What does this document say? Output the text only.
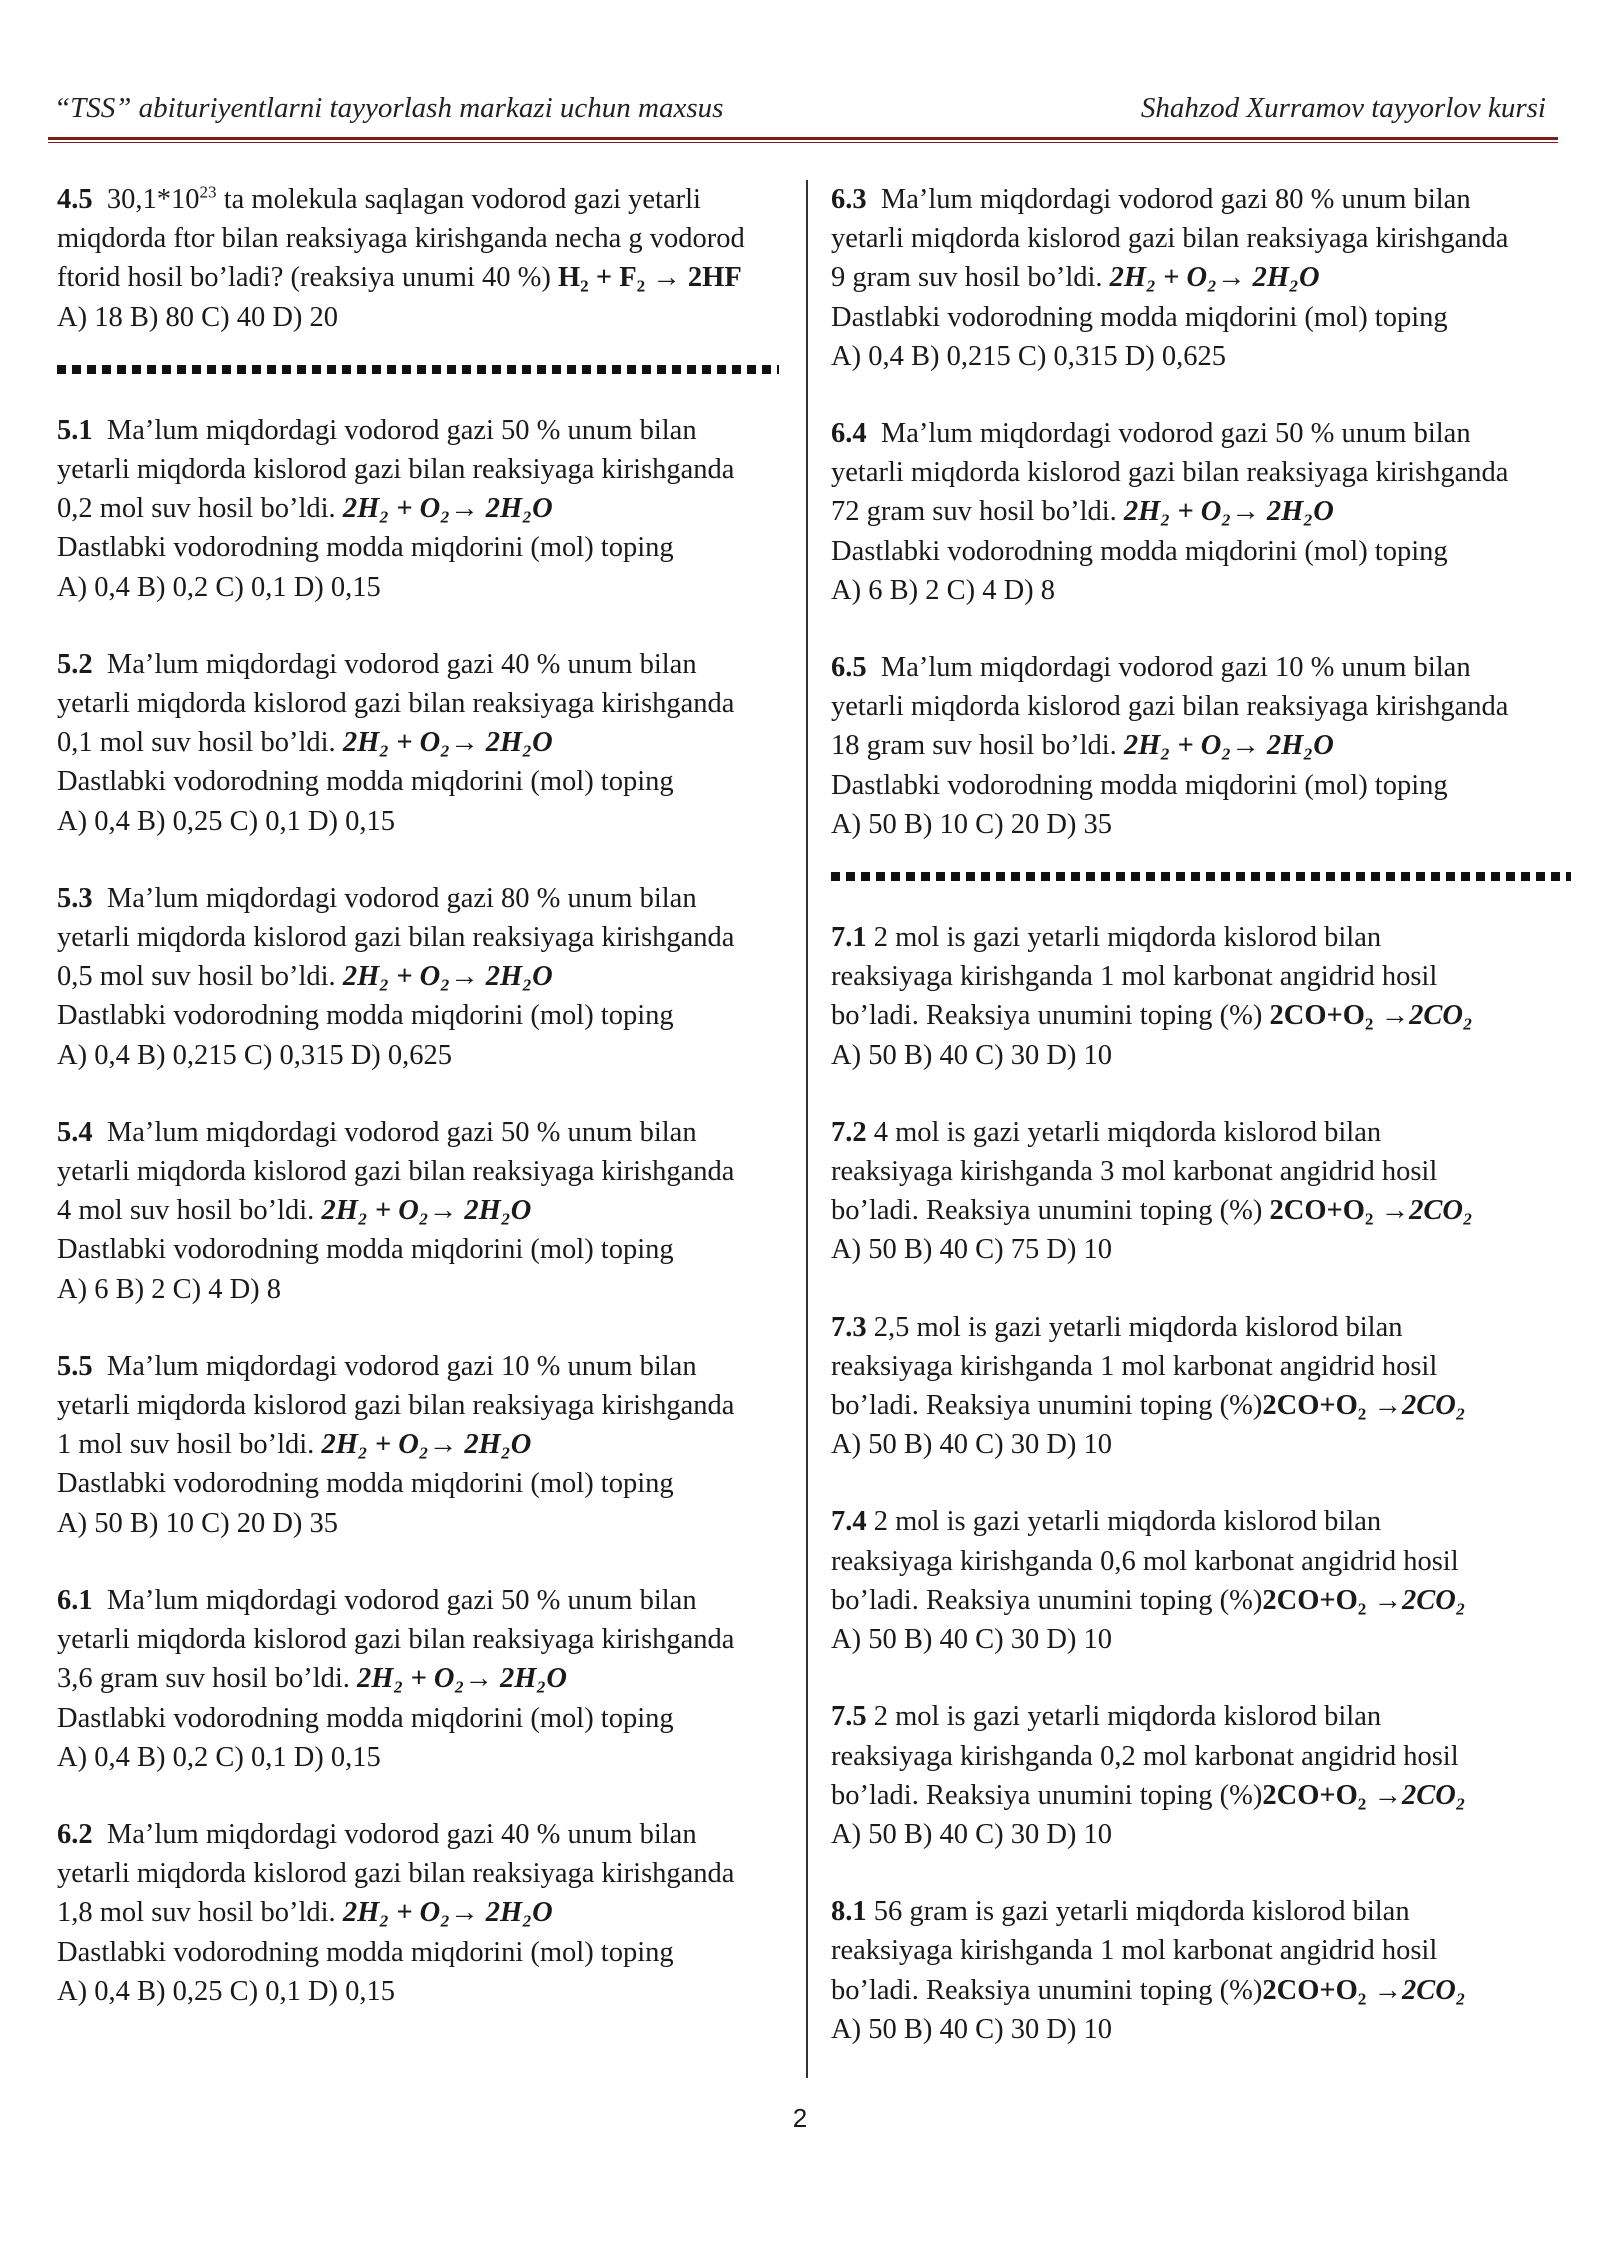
“TSS” abituriyentlarni tayyorlash markazi uchun maxsus	Shahzod Xurramov tayyorlov kursi
4.5 $30,1*10^{23}$ ta molekula saqlagan vodorod gazi yetarli
miqdorda ftor bilan reaksiyaga kirishganda necha g vodorod
ftorid hosil bo’ladi? (reaksiya unumi 40 %) H₂ + F₂ → 2HF
A) 18 B) 80 C) 40 D) 20
5.1 Ma’lum miqdordagi vodorod gazi 50 % unum bilan
yetarli miqdorda kislorod gazi bilan reaksiyaga kirishganda
0,2 mol suv hosil bo’ldi. 2H₂ + O₂→ 2H₂O
Dastlabki vodorodning modda miqdorini (mol) toping
A) 0,4 B) 0,2 C) 0,1 D) 0,15
5.2 Ma’lum miqdordagi vodorod gazi 40 % unum bilan
yetarli miqdorda kislorod gazi bilan reaksiyaga kirishganda
0,1 mol suv hosil bo’ldi. 2H₂ + O₂→ 2H₂O
Dastlabki vodorodning modda miqdorini (mol) toping
A) 0,4 B) 0,25 C) 0,1 D) 0,15
5.3 Ma’lum miqdordagi vodorod gazi 80 % unum bilan
yetarli miqdorda kislorod gazi bilan reaksiyaga kirishganda
0,5 mol suv hosil bo’ldi. 2H₂ + O₂→ 2H₂O
Dastlabki vodorodning modda miqdorini (mol) toping
A) 0,4 B) 0,215 C) 0,315 D) 0,625
5.4 Ma’lum miqdordagi vodorod gazi 50 % unum bilan
yetarli miqdorda kislorod gazi bilan reaksiyaga kirishganda
4 mol suv hosil bo’ldi. 2H₂ + O₂→ 2H₂O
Dastlabki vodorodning modda miqdorini (mol) toping
A) 6 B) 2 C) 4 D) 8
5.5 Ma’lum miqdordagi vodorod gazi 10 % unum bilan
yetarli miqdorda kislorod gazi bilan reaksiyaga kirishganda
1 mol suv hosil bo’ldi. 2H₂ + O₂→ 2H₂O
Dastlabki vodorodning modda miqdorini (mol) toping
A) 50 B) 10 C) 20 D) 35
6.1 Ma’lum miqdordagi vodorod gazi 50 % unum bilan
yetarli miqdorda kislorod gazi bilan reaksiyaga kirishganda
3,6 gram suv hosil bo’ldi. 2H₂ + O₂→ 2H₂O
Dastlabki vodorodning modda miqdorini (mol) toping
A) 0,4 B) 0,2 C) 0,1 D) 0,15
6.2 Ma’lum miqdordagi vodorod gazi 40 % unum bilan
yetarli miqdorda kislorod gazi bilan reaksiyaga kirishganda
1,8 mol suv hosil bo’ldi. 2H₂ + O₂→ 2H₂O
Dastlabki vodorodning modda miqdorini (mol) toping
A) 0,4 B) 0,25 C) 0,1 D) 0,15
6.3 Ma’lum miqdordagi vodorod gazi 80 % unum bilan
yetarli miqdorda kislorod gazi bilan reaksiyaga kirishganda
9 gram suv hosil bo’ldi. 2H₂ + O₂→ 2H₂O
Dastlabki vodorodning modda miqdorini (mol) toping
A) 0,4 B) 0,215 C) 0,315 D) 0,625
6.4 Ma’lum miqdordagi vodorod gazi 50 % unum bilan
yetarli miqdorda kislorod gazi bilan reaksiyaga kirishganda
72 gram suv hosil bo’ldi. 2H₂ + O₂→ 2H₂O
Dastlabki vodorodning modda miqdorini (mol) toping
A) 6 B) 2 C) 4 D) 8
6.5 Ma’lum miqdordagi vodorod gazi 10 % unum bilan
yetarli miqdorda kislorod gazi bilan reaksiyaga kirishganda
18 gram suv hosil bo’ldi. 2H₂ + O₂→ 2H₂O
Dastlabki vodorodning modda miqdorini (mol) toping
A) 50 B) 10 C) 20 D) 35
7.1 2 mol is gazi yetarli miqdorda kislorod bilan
reaksiyaga kirishganda 1 mol karbonat angidrid hosil
bo’ladi. Reaksiya unumini toping (%) 2CO+O₂ →2CO₂
A) 50 B) 40 C) 30 D) 10
7.2 4 mol is gazi yetarli miqdorda kislorod bilan
reaksiyaga kirishganda 3 mol karbonat angidrid hosil
bo’ladi. Reaksiya unumini toping (%) 2CO+O₂ →2CO₂
A) 50 B) 40 C) 75 D) 10
7.3 2,5 mol is gazi yetarli miqdorda kislorod bilan
reaksiyaga kirishganda 1 mol karbonat angidrid hosil
bo’ladi. Reaksiya unumini toping (%)2CO+O₂ →2CO₂
A) 50 B) 40 C) 30 D) 10
7.4 2 mol is gazi yetarli miqdorda kislorod bilan
reaksiyaga kirishganda 0,6 mol karbonat angidrid hosil
bo’ladi. Reaksiya unumini toping (%)2CO+O₂ →2CO₂
A) 50 B) 40 C) 30 D) 10
7.5 2 mol is gazi yetarli miqdorda kislorod bilan
reaksiyaga kirishganda 0,2 mol karbonat angidrid hosil
bo’ladi. Reaksiya unumini toping (%)2CO+O₂ →2CO₂
A) 50 B) 40 C) 30 D) 10
8.1 56 gram is gazi yetarli miqdorda kislorod bilan
reaksiyaga kirishganda 1 mol karbonat angidrid hosil
bo’ladi. Reaksiya unumini toping (%)2CO+O₂ →2CO₂
A) 50 B) 40 C) 30 D) 10
2
